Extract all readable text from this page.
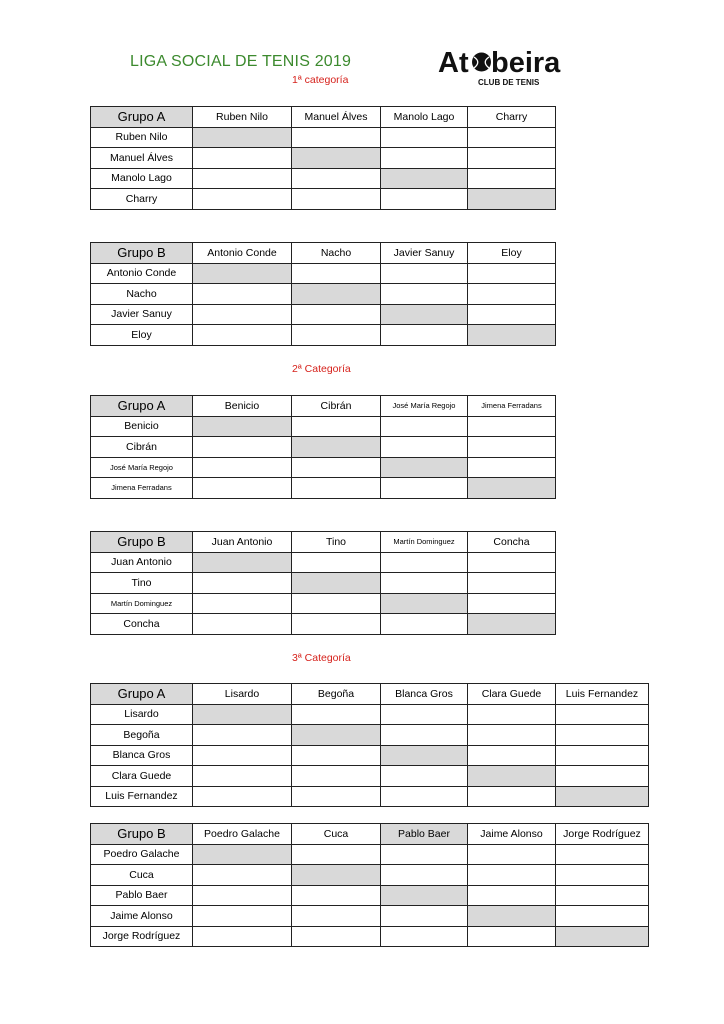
LIGA SOCIAL DE TENIS 2019	At beira
CLUB DE TENIS
1ª categoría
2ª Categoría
3ª Categoría
Grupo A	Ruben Nilo	Manuel Álves	Manolo Lago	Charry
Ruben Nilo				
Manuel Álves				
Manolo Lago				
Charry				
Grupo B	Antonio Conde	Nacho	Javier Sanuy	Eloy
Antonio Conde				
Nacho				
Javier Sanuy				
Eloy				
Grupo A	Benicio	Cibrán	José María Regojo	Jimena Ferradans
Benicio				
Cibrán				
José María Regojo				
Jimena Ferradans				
Grupo B	Juan Antonio	Tino	Martín Dominguez	Concha
Juan Antonio				
Tino				
Martín Dominguez				
Concha				
Grupo A	Lisardo	Begoña	Blanca Gros	Clara Guede	Luis Fernandez
Lisardo					
Begoña					
Blanca Gros					
Clara Guede					
Luis Fernandez					
Grupo B	Poedro Galache	Cuca	Pablo Baer	Jaime Alonso	Jorge Rodríguez
Poedro Galache					
Cuca					
Pablo Baer					
Jaime Alonso					
Jorge Rodríguez					
